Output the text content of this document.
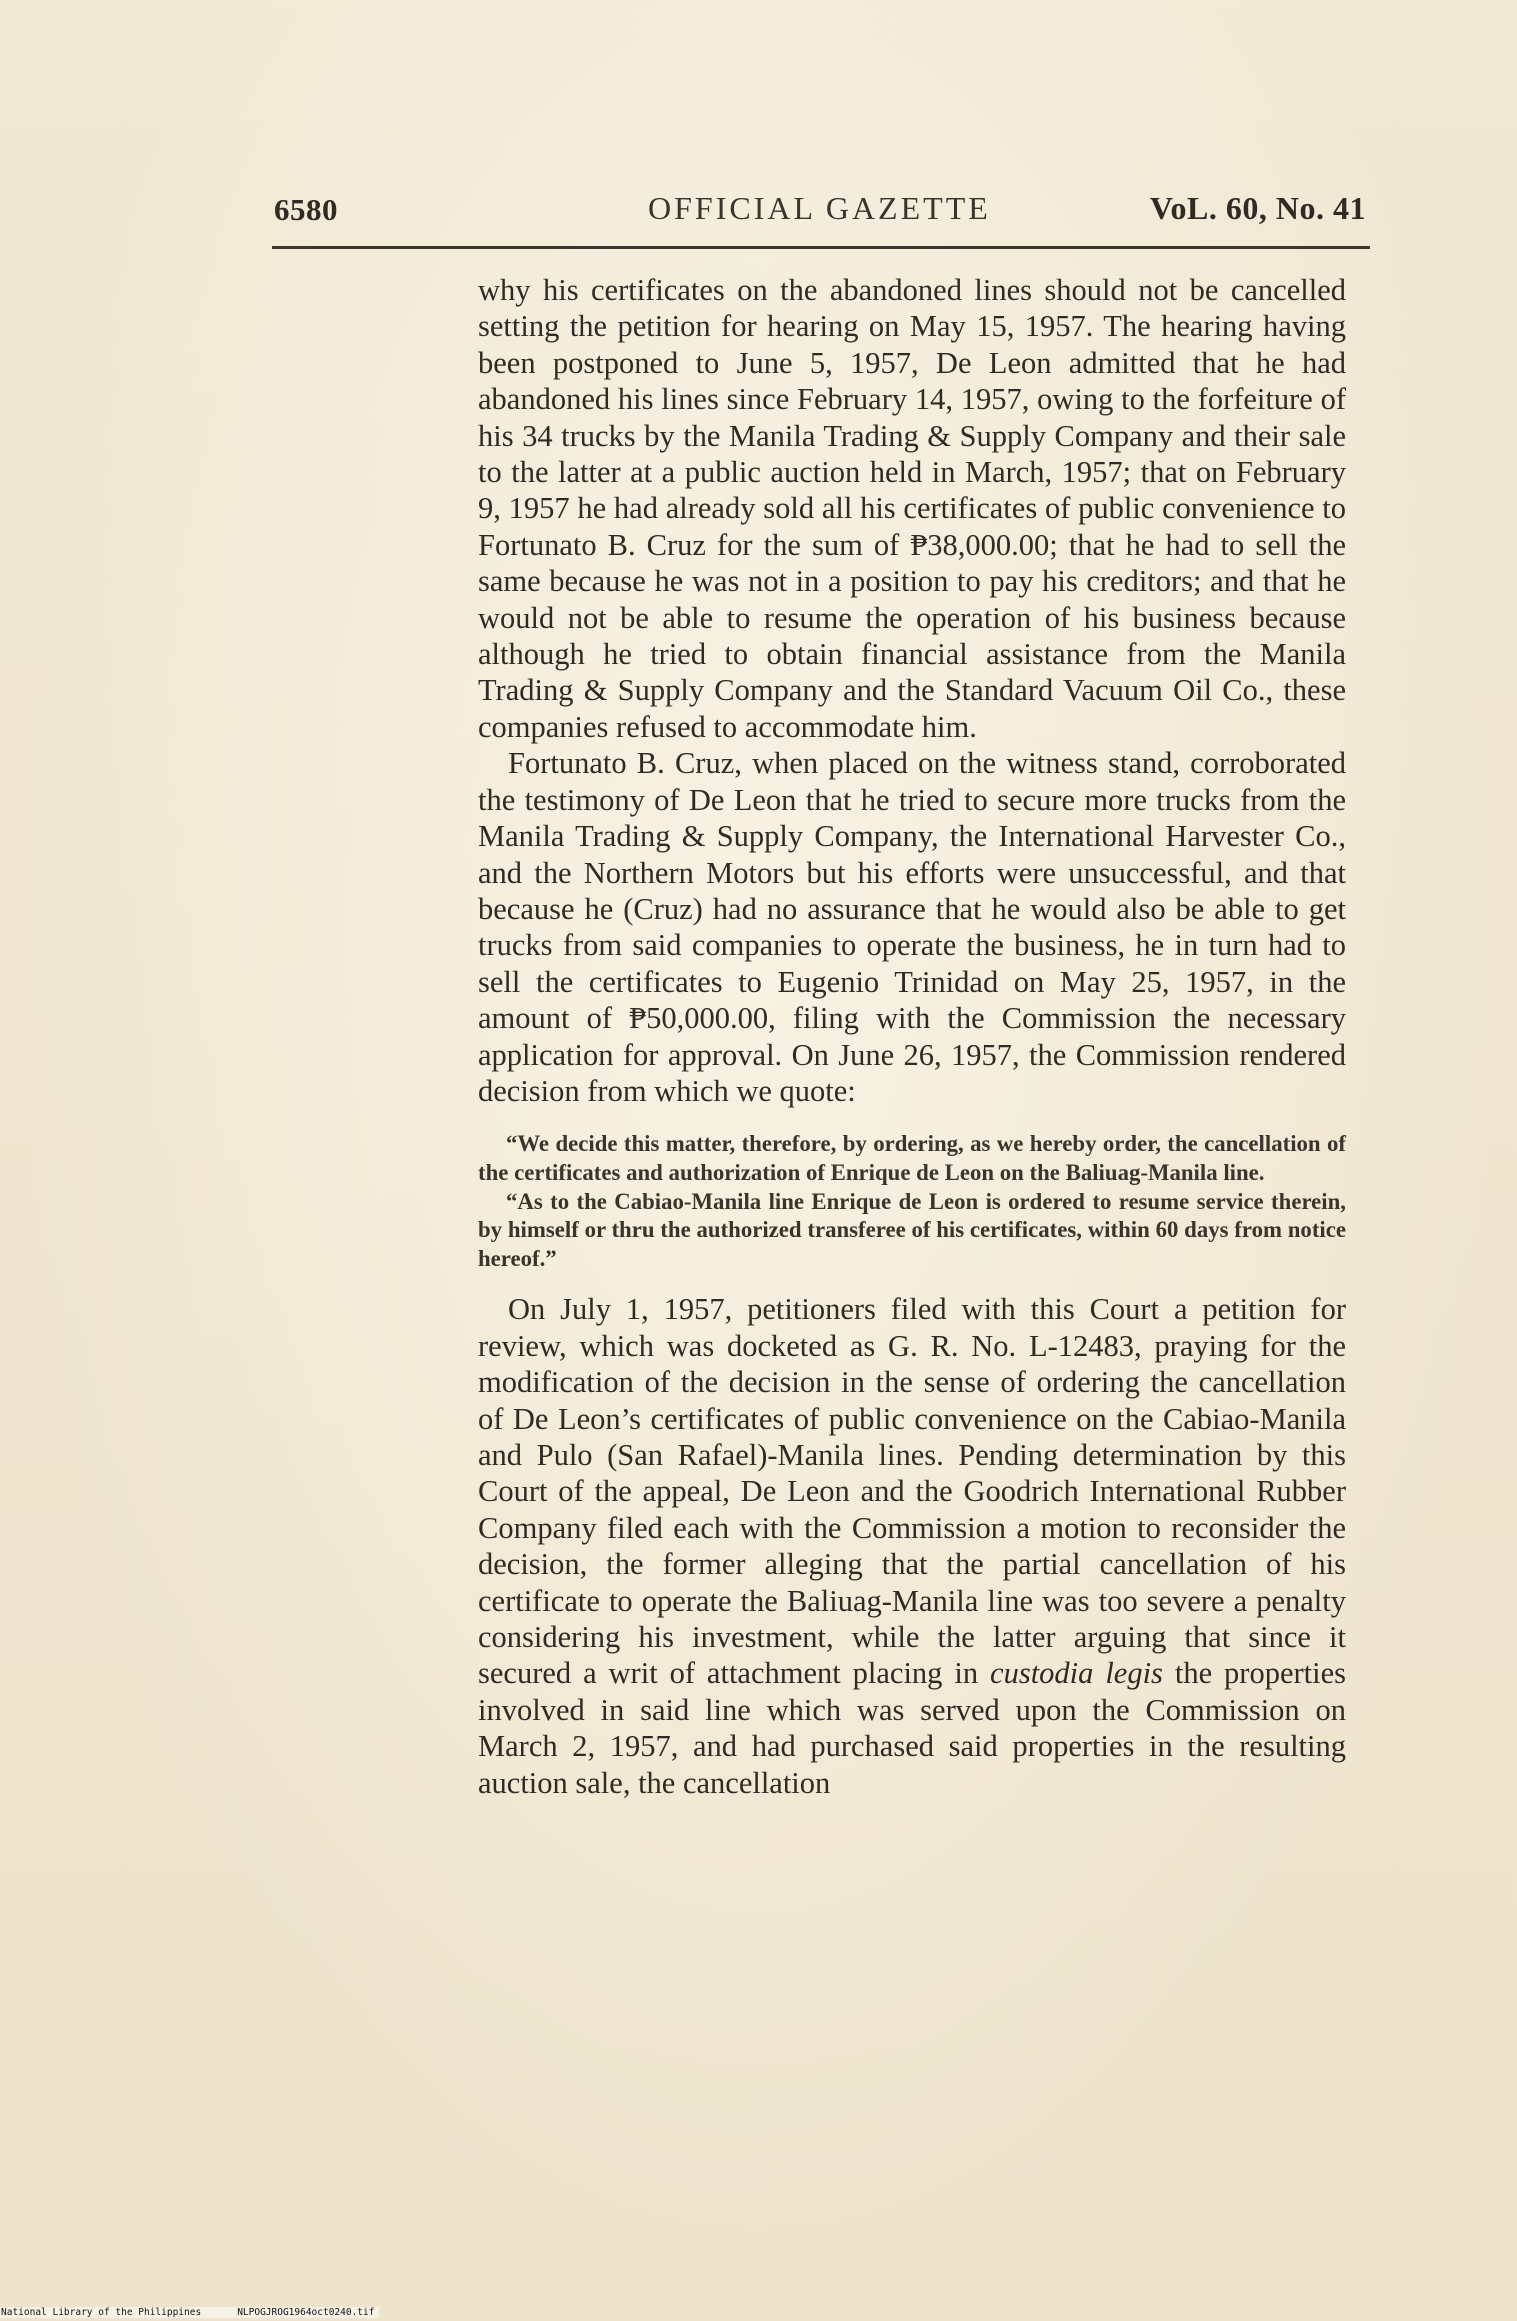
6580	OFFICIAL GAZETTE	VoL. 60, No. 41

why his certificates on the abandoned lines should not be cancelled setting the petition for hearing on May 15, 1957. The hearing having been postponed to June 5, 1957, De Leon admitted that he had abandoned his lines since February 14, 1957, owing to the forfeiture of his 34 trucks by the Manila Trading & Supply Company and their sale to the latter at a public auction held in March, 1957; that on February 9, 1957 he had already sold all his certificates of public convenience to Fortunato B. Cruz for the sum of ₱38,000.00; that he had to sell the same because he was not in a position to pay his creditors; and that he would not be able to resume the operation of his business because although he tried to obtain financial assistance from the Manila Trading & Supply Company and the Standard Vacuum Oil Co., these companies refused to accommodate him.

Fortunato B. Cruz, when placed on the witness stand, corroborated the testimony of De Leon that he tried to secure more trucks from the Manila Trading & Supply Company, the International Harvester Co., and the Northern Motors but his efforts were unsuccessful, and that because he (Cruz) had no assurance that he would also be able to get trucks from said companies to operate the business, he in turn had to sell the certificates to Eugenio Trinidad on May 25, 1957, in the amount of ₱50,000.00, filing with the Commission the necessary application for approval. On June 26, 1957, the Commission rendered decision from which we quote:

“We decide this matter, therefore, by ordering, as we hereby order, the cancellation of the certificates and authorization of Enrique de Leon on the Baliuag-Manila line.

“As to the Cabiao-Manila line Enrique de Leon is ordered to resume service therein, by himself or thru the authorized transferee of his certificates, within 60 days from notice hereof.”

On July 1, 1957, petitioners filed with this Court a petition for review, which was docketed as G. R. No. L-12483, praying for the modification of the decision in the sense of ordering the cancellation of De Leon’s certificates of public convenience on the Cabiao-Manila and Pulo (San Rafael)-Manila lines. Pending determination by this Court of the appeal, De Leon and the Goodrich International Rubber Company filed each with the Commission a motion to reconsider the decision, the former alleging that the partial cancellation of his certificate to operate the Baliuag-Manila line was too severe a penalty considering his investment, while the latter arguing that since it secured a writ of attachment placing in custodia legis the properties involved in said line which was served upon the Commission on March 2, 1957, and had purchased said properties in the resulting auction sale, the cancellation

National Library of the Philippines	NLPOGJROG1964oct0240.tif
